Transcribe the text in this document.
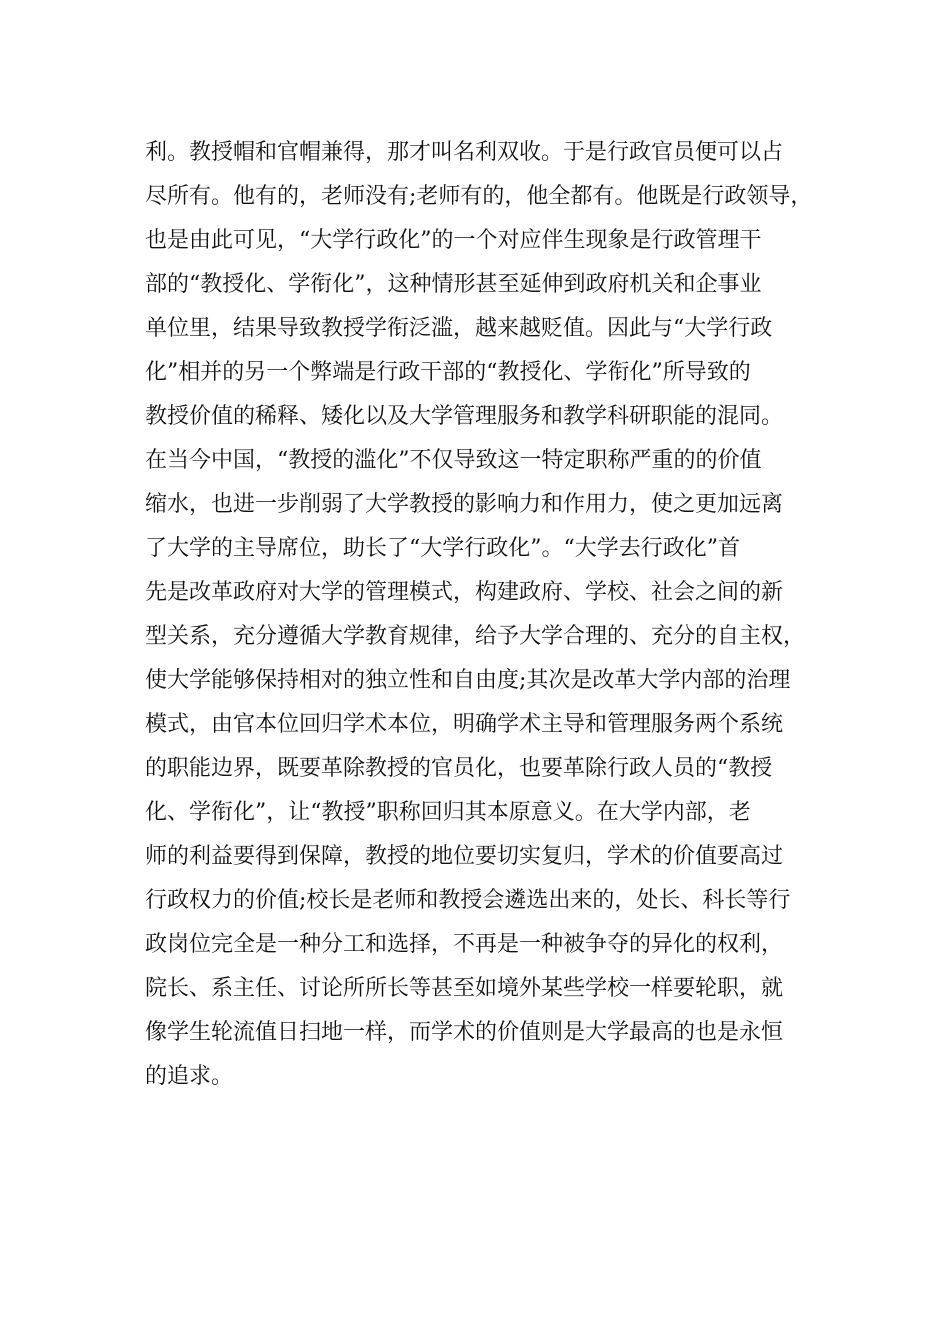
利。教授帽和官帽兼得，那才叫名利双收。于是行政官员便可以占
尽所有。他有的，老师没有;老师有的，他全都有。他既是行政领导，
也是由此可见，“大学行政化”的一个对应伴生现象是行政管理干
部的“教授化、学衔化”，这种情形甚至延伸到政府机关和企事业
单位里，结果导致教授学衔泛滥，越来越贬值。因此与“大学行政
化”相并的另一个弊端是行政干部的“教授化、学衔化”所导致的
教授价值的稀释、矮化以及大学管理服务和教学科研职能的混同。
在当今中国，“教授的滥化”不仅导致这一特定职称严重的的价值
缩水，也进一步削弱了大学教授的影响力和作用力，使之更加远离
了大学的主导席位，助长了“大学行政化”。“大学去行政化”首
先是改革政府对大学的管理模式，构建政府、学校、社会之间的新
型关系，充分遵循大学教育规律，给予大学合理的、充分的自主权，
使大学能够保持相对的独立性和自由度;其次是改革大学内部的治理
模式，由官本位回归学术本位，明确学术主导和管理服务两个系统
的职能边界，既要革除教授的官员化，也要革除行政人员的“教授
化、学衔化”，让“教授”职称回归其本原意义。在大学内部，老
师的利益要得到保障，教授的地位要切实复归，学术的价值要高过
行政权力的价值;校长是老师和教授会遴选出来的，处长、科长等行
政岗位完全是一种分工和选择，不再是一种被争夺的异化的权利，
院长、系主任、讨论所所长等甚至如境外某些学校一样要轮职，就
像学生轮流值日扫地一样，而学术的价值则是大学最高的也是永恒
的追求。
